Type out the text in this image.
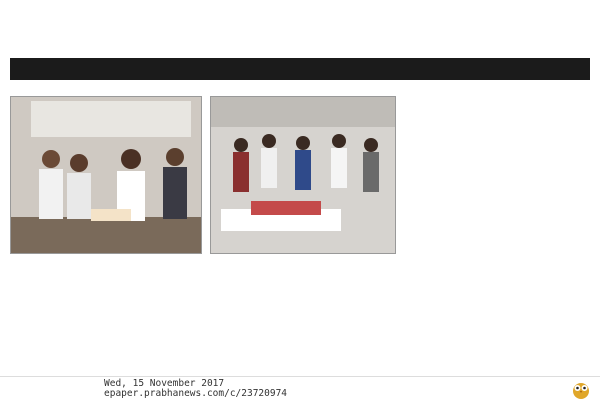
Wed, 15 November 2017
epaper.prabhanews.com/c/23720974
